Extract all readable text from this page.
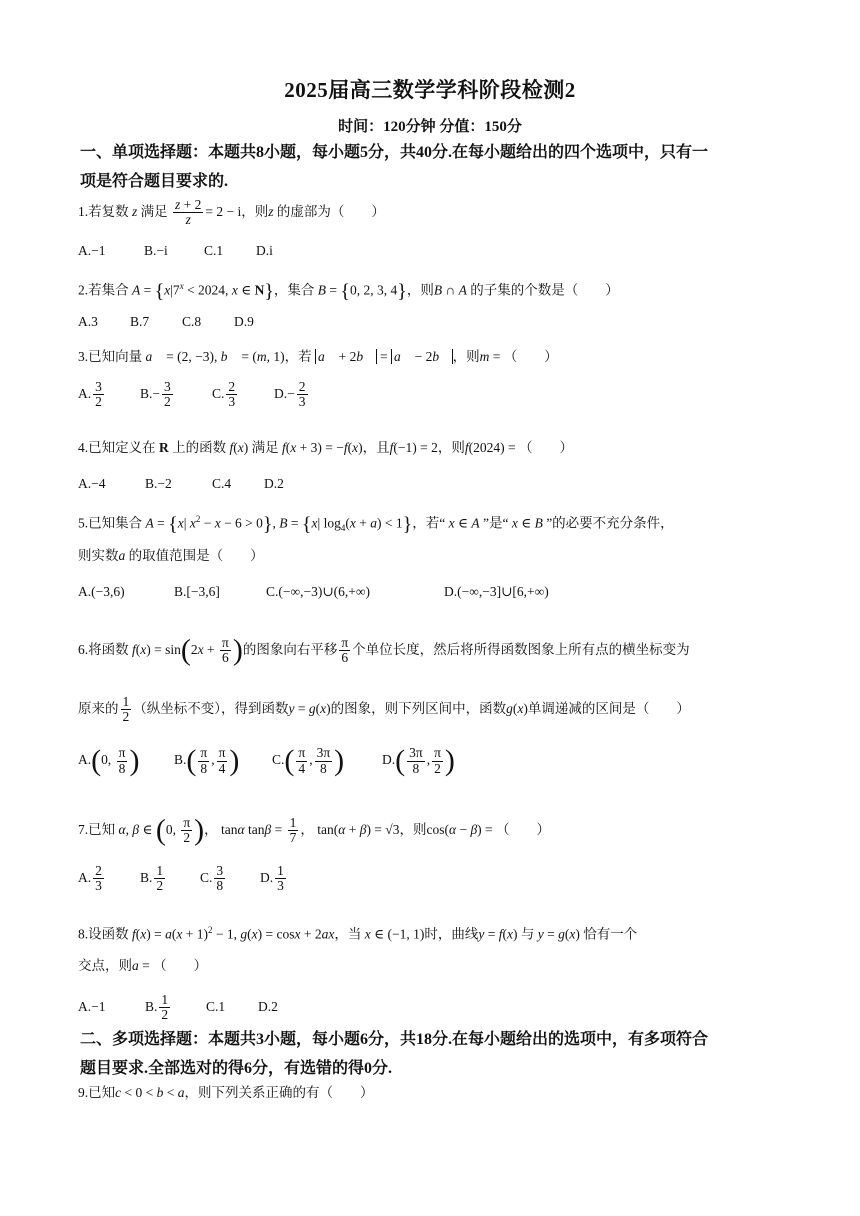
2025届高三数学学科阶段检测2
时间：120分钟 分值：150分
一、单项选择题：本题共8小题，每小题5分，共40分.在每小题给出的四个选项中，只有一
项是符合题目要求的.
1.若复数 z 满足 $\frac{z + 2}{z} = 2 - i$，则z 的虚部为（　　）
A.−1	B.−i	C.1 D.i
2.若集合 $A = \{x|7^x < 2024$, x ∈ N}，集合 B = {0, 2, 3, 4}，则B ∩ A 的子集的个数是（　　）
A.3 B.7 C.8 D.9
3.已知向量 a⃗ = (2, −3), b⃗ = (m, 1)，若 a⃗ + 2b⃗ = a⃗ − 2b⃗ ，则m = （　　）
A. $\frac{3}{2}$	$B.- \frac{3}{2}$	C. $\frac{2}{3}$	$D.- \frac{2}{3}$
4.已知定义在 R 上的函数 f(x) 满足 f(x + 3) = −f(x)，且f(−1) = 2，则f(2024) = （　　）
A.−4	B.−2	C.4 D.2
5.已知集合 A = {x| $x^2 - x - 6 > 0$}, B = {x| $\log_4(x + a) < 1$}，若“ x ∈ A ”是“ x ∈ B ”的必要不充分条件，
则实数a 的取值范围是（　　）
A.(−3,6)	B.[−3,6]	C.(−∞,−3)∪(6,+∞)	D.(−∞,−3]∪[6,+∞)
6.将函数 $f(x) = \sin(2x + \frac{\pi}{6}$ )的图象向右平移 $\frac{\pi}{6}$ 个单位长度，然后将所得函数图象上所有点的横坐标变为
原来的 $\frac{1}{2}$ （纵坐标不变），得到函数y = g(x)的图象，则下列区间中，函数g(x)单调递减的区间是（　　）
A.(0, $\frac{\pi}{8}$ )	$B.( \frac{\pi}{8}$ , $\frac{\pi}{4}$ ) $C.( \frac{\pi}{4}$ , $\frac{3\pi}{8}$ )	$D.( \frac{3\pi}{8}$ , $\frac{\pi}{2}$ )
7.已知 α, β ∈ (0, $\frac{\pi}{2}$ )， tanα $\tan\beta = \frac{1}{7}$ ， tan(α + β) = √3，则cos(α − β) = （　　）
A. $\frac{2}{3}$	B. $\frac{1}{2}$	C. $\frac{3}{8}$	D. $\frac{1}{3}$
8.设函数 $f(x) = a(x + 1)^2 - 1$, g(x) = cosx + 2ax，当 x ∈ (−1, 1)时，曲线y = f(x) 与 y = g(x) 恰有一个
交点，则a = （　　）
A.−1	B. $\frac{1}{2}$	C.1 D.2
二、多项选择题：本题共3小题，每小题6分，共18分.在每小题给出的选项中，有多项符合
题目要求.全部选对的得6分，有选错的得0分.
9.已知c < 0 < b < a，则下列关系正确的有（　　）
